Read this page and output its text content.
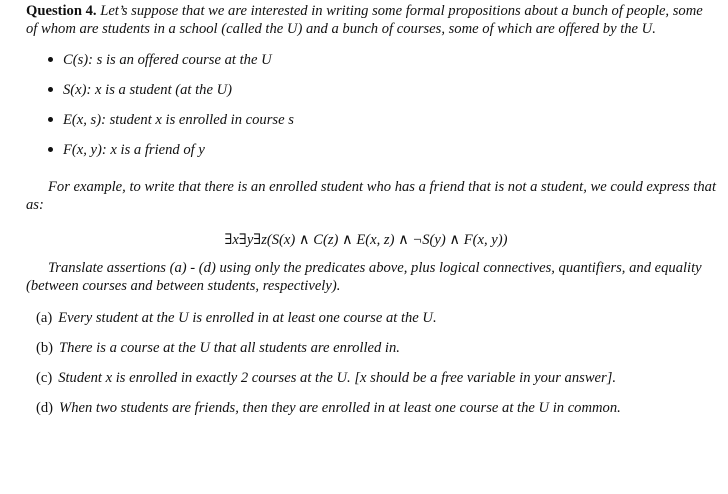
Question 4. Let’s suppose that we are interested in writing some formal propositions about a bunch of people, some of whom are students in a school (called the U) and a bunch of courses, some of which are offered by the U.
C(s): s is an offered course at the U
S(x): x is a student (at the U)
E(x, s): student x is enrolled in course s
F(x, y): x is a friend of y
For example, to write that there is an enrolled student who has a friend that is not a student, we could express that as:
∃x∃y∃z(S(x) ∧ C(z) ∧ E(x, z) ∧ ¬S(y) ∧ F(x, y))
Translate assertions (a) - (d) using only the predicates above, plus logical connectives, quantifiers, and equality (between courses and between students, respectively).
(a) Every student at the U is enrolled in at least one course at the U.
(b) There is a course at the U that all students are enrolled in.
(c) Student x is enrolled in exactly 2 courses at the U. [x should be a free variable in your answer].
(d) When two students are friends, then they are enrolled in at least one course at the U in common.
